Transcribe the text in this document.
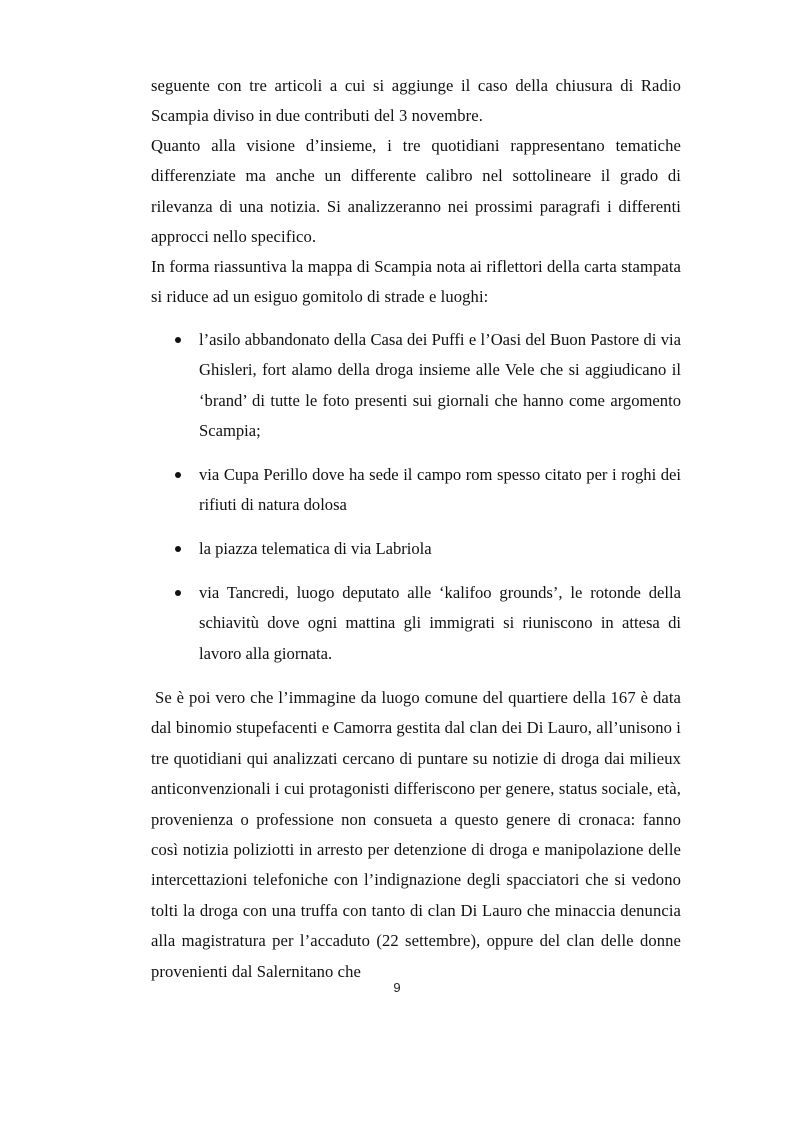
seguente con tre articoli a cui si aggiunge il caso della chiusura di Radio Scampia diviso in due contributi del 3 novembre.

Quanto alla visione d’insieme, i tre quotidiani rappresentano tematiche differenziate ma anche un differente calibro nel sottolineare il grado di rilevanza di una notizia. Si analizzeranno nei prossimi paragrafi i differenti approcci nello specifico.

In forma riassuntiva la mappa di Scampia nota ai riflettori della carta stampata si riduce ad un esiguo gomitolo di strade e luoghi:

l’asilo abbandonato della Casa dei Puffi e l’Oasi del Buon Pastore di via Ghisleri, fort alamo della droga insieme alle Vele che si aggiudicano il ‘brand’ di tutte le foto presenti sui giornali che hanno come argomento Scampia;
via Cupa Perillo dove ha sede il campo rom spesso citato per i roghi dei rifiuti di natura dolosa
la piazza telematica di via Labriola
via Tancredi, luogo deputato alle ‘kalifoo grounds’, le rotonde della schiavitù dove ogni mattina gli immigrati si riuniscono in attesa di lavoro alla giornata.

Se è poi vero che l’immagine da luogo comune del quartiere della 167 è data dal binomio stupefacenti e Camorra gestita dal clan dei Di Lauro, all’unisono i tre quotidiani qui analizzati cercano di puntare su notizie di droga dai milieux anticonvenzionali i cui protagonisti differiscono per genere, status sociale, età, provenienza o professione non consueta a questo genere di cronaca: fanno così notizia poliziotti in arresto per detenzione di droga e manipolazione delle intercettazioni telefoniche con l’indignazione degli spacciatori che si vedono tolti la droga con una truffa con tanto di clan Di Lauro che minaccia denuncia alla magistratura per l’accaduto (22 settembre), oppure del clan delle donne provenienti dal Salernitano che

9
